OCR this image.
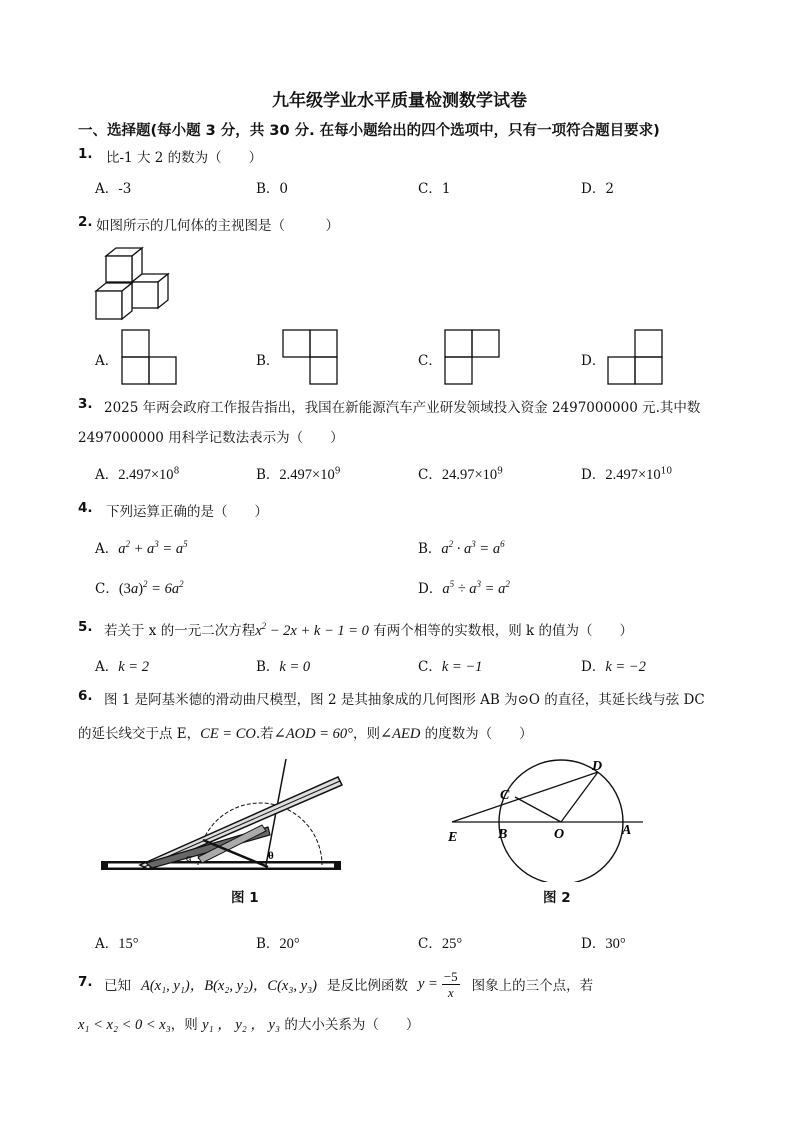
九年级学业水平质量检测数学试卷
一、选择题(每小题 3 分，共 30 分. 在每小题给出的四个选项中，只有一项符合题目要求)
1. 比-1 大 2 的数为（　　）
A．-3	B．0	C．1	D．2
2. 如图所示的几何体的主视图是（　　　）
A．	B．	C．	D．
3. 2025 年两会政府工作报告指出，我国在新能源汽车产业研发领域投入资金 2497000000 元.其中数
2497000000 用科学记数法表示为（　　）
A．$2.497\times 10^8$	B．$2.497\times 10^9$	C．$24.97\times 10^9$	D．$2.497\times 10^{10}$
4. 下列运算正确的是（　　）
A．$a^2 + a^3 = a^5$	B．$a^2 \cdot a^3 = a^6$
C．$(3a)^2 = 6a^2$	D．$a^5 \div a^3 = a^2$
5. 若关于 x 的一元二次方程$x^2 - 2x + k - 1 = 0$ 有两个相等的实数根，则 k 的值为（　　）
A．k = 2	B．k = 0	C．k = −1	D．k = −2
6. 图 1 是阿基米德的滑动曲尺模型，图 2 是其抽象成的几何图形 AB 为⊙O 的直径，其延长线与弦 DC
的延长线交于点 E，CE = CO.若∠AOD = 60°，则∠AED 的度数为（　　）
α	θ
图 1
D
C
E	B	O	A
图 2
A．15°	B．20°	C．25°	D．30°
7. 已知 A(x₁, y₁)，B(x₂, y₂)，C(x₃, y₃) 是反比例函数 $y = \frac{-5}{x}$ 图象上的三个点，若
x₁ < x₂ < 0 < x₃，则 y₁ ， y₂ ， y₃ 的大小关系为（　　）
